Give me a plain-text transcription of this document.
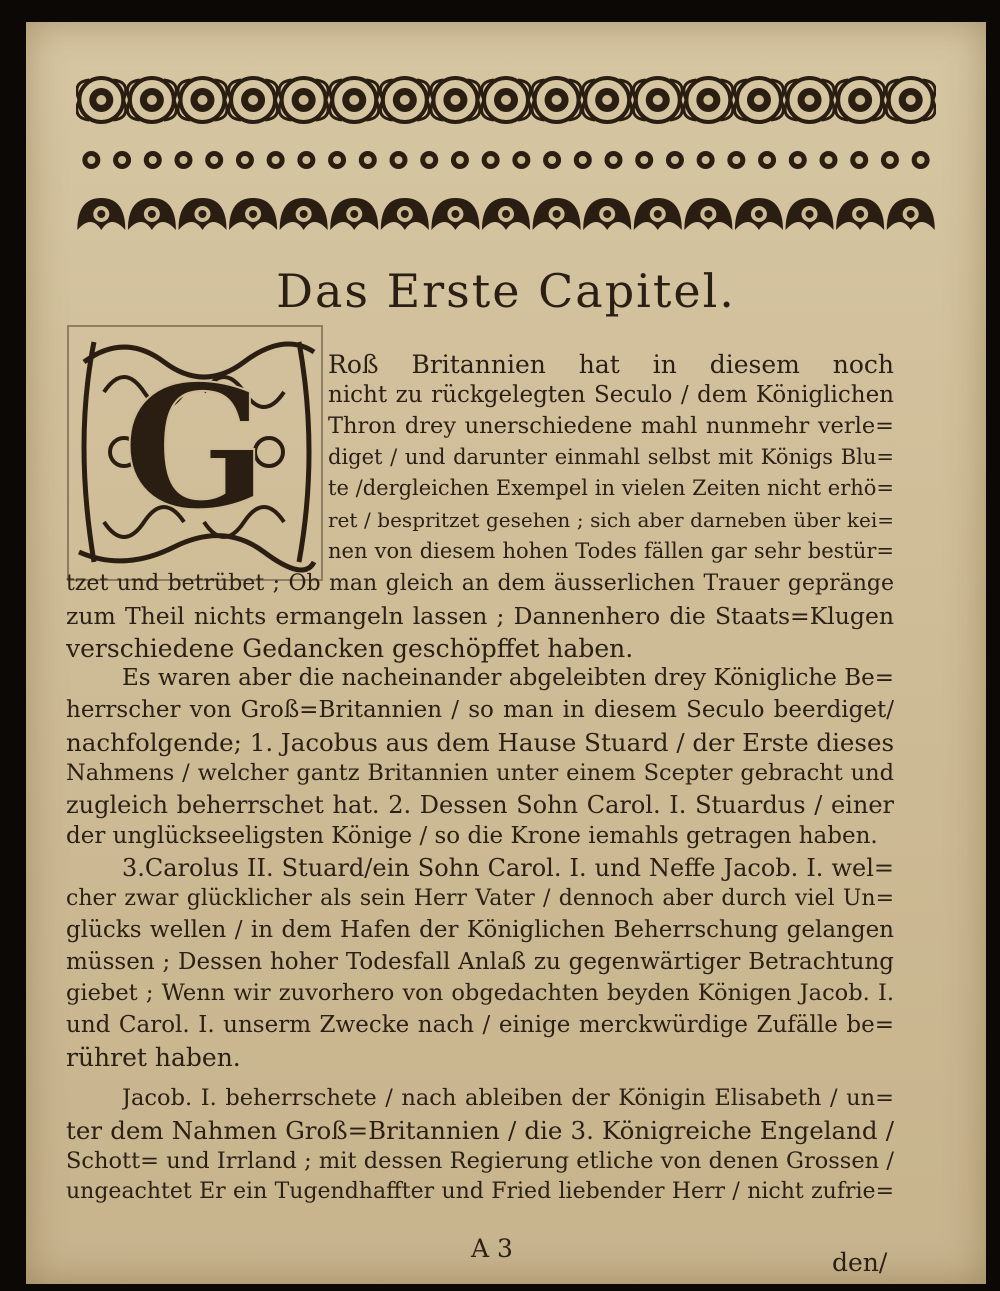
Das Erste Capitel.
G Roß Britannien hat in diesem noch
nicht zu rückgelegten Seculo / dem Königlichen
Thron drey unerschiedene mahl nunmehr verle=
diget / und darunter einmahl selbst mit Königs Blu=
te /dergleichen Exempel in vielen Zeiten nicht erhö=
ret / bespritzet gesehen ; sich aber darneben über kei=
nen von diesem hohen Todes fällen gar sehr bestür=
tzet und betrübet ; Ob man gleich an dem äusserlichen Trauer gepränge
zum Theil nichts ermangeln lassen ; Dannenhero die Staats=Klugen
verschiedene Gedancken geschöpffet haben.
Es waren aber die nacheinander abgeleibten drey Königliche Be=
herrscher von Groß=Britannien / so man in diesem Seculo beerdiget/
nachfolgende; 1. Jacobus aus dem Hause Stuard / der Erste dieses
Nahmens / welcher gantz Britannien unter einem Scepter gebracht und
zugleich beherrschet hat. 2. Dessen Sohn Carol. I. Stuardus / einer
der unglückseeligsten Könige / so die Krone iemahls getragen haben.
3.Carolus II. Stuard/ein Sohn Carol. I. und Neffe Jacob. I. wel=
cher zwar glücklicher als sein Herr Vater / dennoch aber durch viel Un=
glücks wellen / in dem Hafen der Königlichen Beherrschung gelangen
müssen ; Dessen hoher Todesfall Anlaß zu gegenwärtiger Betrachtung
giebet ; Wenn wir zuvorhero von obgedachten beyden Königen Jacob. I.
und Carol. I. unserm Zwecke nach / einige merckwürdige Zufälle be=
rühret haben.
Jacob. I. beherrschete / nach ableiben der Königin Elisabeth / un=
ter dem Nahmen Groß=Britannien / die 3. Königreiche Engeland /
Schott= und Irrland ; mit dessen Regierung etliche von denen Grossen /
ungeachtet Er ein Tugendhaffter und Fried liebender Herr / nicht zufrie=
A 3	den/
